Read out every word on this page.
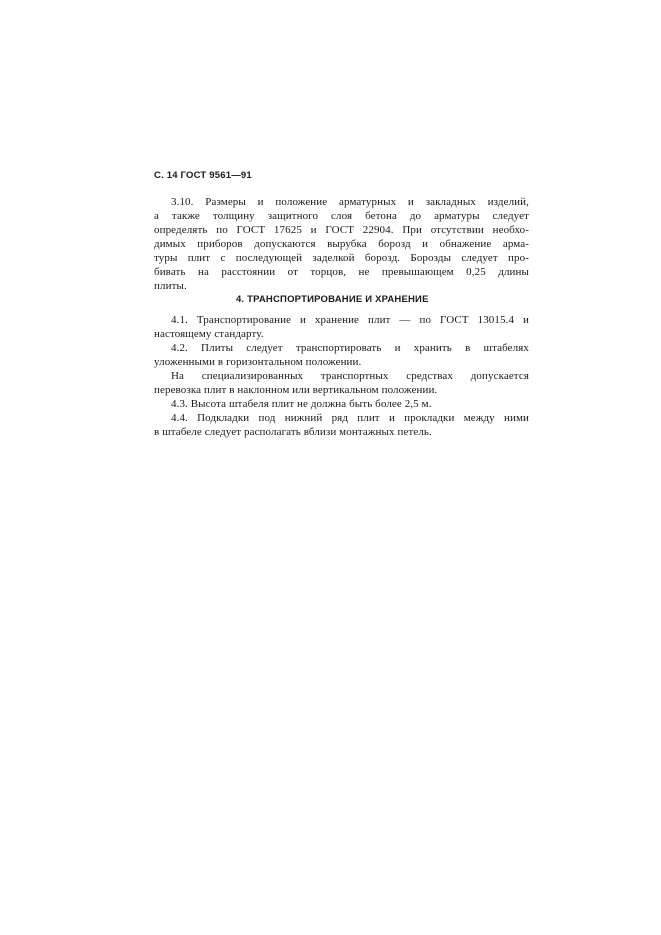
С. 14 ГОСТ 9561—91
3.10. Размеры и положение арматурных и закладных изделий,
а также толщину защитного слоя бетона до арматуры следует
определять по ГОСТ 17625 и ГОСТ 22904. При отсутствии необхо-
димых приборов допускаются вырубка борозд и обнажение арма-
туры плит с последующей заделкой борозд. Борозды следует про-
бивать на расстоянии от торцов, не превышающем 0,25 длины
плиты.
4. ТРАНСПОРТИРОВАНИЕ И ХРАНЕНИЕ
4.1. Транспортирование и хранение плит — по ГОСТ 13015.4 и
настоящему стандарту.
4.2. Плиты следует транспортировать и хранить в штабелях
уложенными в горизонтальном положении.
На специализированных транспортных средствах допускается
перевозка плит в наклонном или вертикальном положении.
4.3. Высота штабеля плит не должна быть более 2,5 м.
4.4. Подкладки под нижний ряд плит и прокладки между ними
в штабеле следует располагать вблизи монтажных петель.
